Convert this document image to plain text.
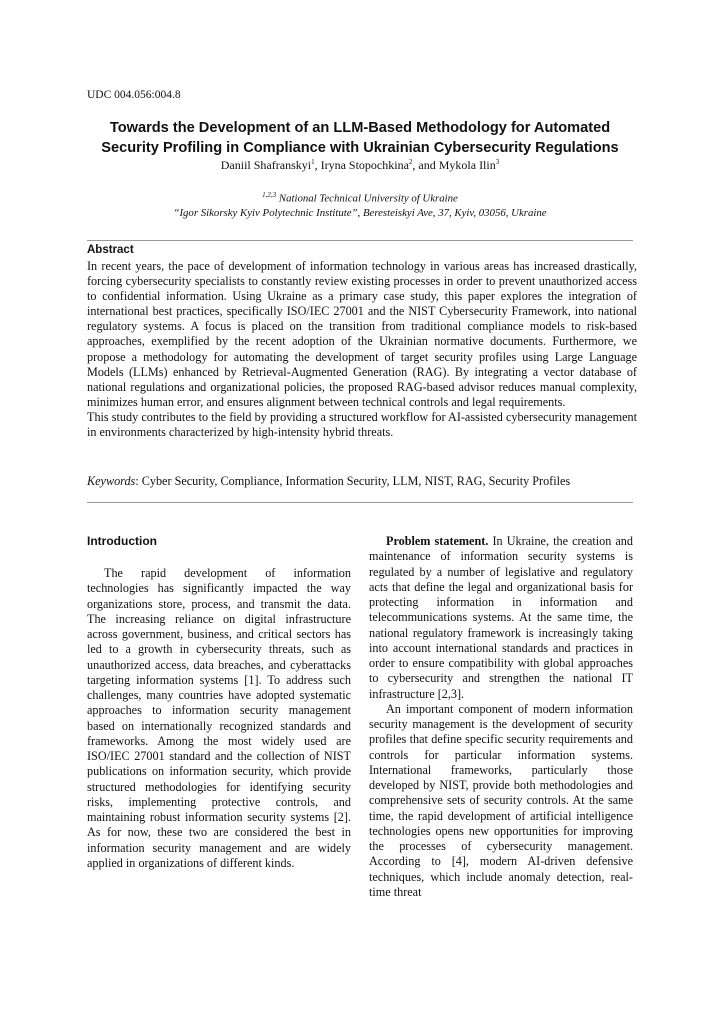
UDC 004.056:004.8
Towards the Development of an LLM-Based Methodology for Automated
Security Profiling in Compliance with Ukrainian Cybersecurity Regulations
Daniil Shafranskyi$^1$, Iryna Stopochkina$^2$, and Mykola Ilin$^3$
$^{1,2,3}$ National Technical University of Ukraine
“Igor Sikorsky Kyiv Polytechnic Institute”, Beresteiskyi Ave, 37, Kyiv, 03056, Ukraine
Abstract

In recent years, the pace of development of information technology in various areas has increased drastically, forcing cybersecurity specialists to constantly review existing processes in order to prevent unauthorized access to confidential information. Using Ukraine as a primary case study, this paper explores the integration of international best practices, specifically ISO/IEC 27001 and the NIST Cybersecurity Framework, into national regulatory systems. A focus is placed on the transition from traditional compliance models to risk-based approaches, exemplified by the recent adoption of the Ukrainian normative documents. Furthermore, we propose a methodology for automating the development of target security profiles using Large Language Models (LLMs) enhanced by Retrieval-Augmented Generation (RAG). By integrating a vector database of national regulations and organizational policies, the proposed RAG-based advisor reduces manual complexity, minimizes human error, and ensures alignment between technical controls and legal requirements.

This study contributes to the field by providing a structured workflow for AI-assisted cybersecurity management in environments characterized by high-intensity hybrid threats.

Keywords: Cyber Security, Compliance, Information Security, LLM, NIST, RAG, Security Profiles
Introduction

The rapid development of information technologies has significantly impacted the way organizations store, process, and transmit the data. The increasing reliance on digital infrastructure across government, business, and critical sectors has led to a growth in cybersecurity threats, such as unauthorized access, data breaches, and cyberattacks targeting information systems [1]. To address such challenges, many countries have adopted systematic approaches to information security management based on internationally recognized standards and frameworks. Among the most widely used are ISO/IEC 27001 standard and the collection of NIST publications on information security, which provide structured methodologies for identifying security risks, implementing protective controls, and maintaining robust information security systems [2]. As for now, these two are considered the best in information security management and are widely applied in organizations of different kinds.

Problem statement. In Ukraine, the creation and maintenance of information security systems is regulated by a number of legislative and regulatory acts that define the legal and organizational basis for protecting information in information and telecommunications systems. At the same time, the national regulatory framework is increasingly taking into account international standards and practices in order to ensure compatibility with global approaches to cybersecurity and strengthen the national IT infrastructure [2,3].

An important component of modern information security management is the development of security profiles that define specific security requirements and controls for particular information systems. International frameworks, particularly those developed by NIST, provide both methodologies and comprehensive sets of security controls. At the same time, the rapid development of artificial intelligence technologies opens new opportunities for improving the processes of cybersecurity management. According to [4], modern AI-driven defensive techniques, which include anomaly detection, real-time threat
